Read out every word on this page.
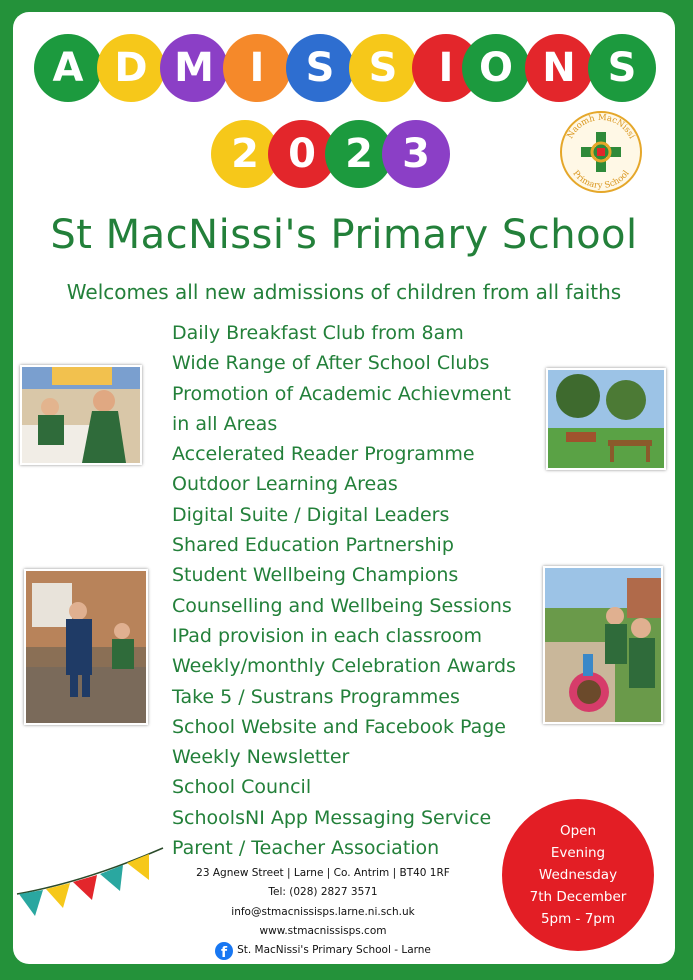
A D M I	S S	I O N S
2 0 2 3	Naomh MacNissi
Primary School
St MacNissi's Primary School
Welcomes all new admissions of children from all faiths
Daily Breakfast Club from 8am
Wide Range of After School Clubs
Promotion of Academic Achievment
in all Areas
Accelerated Reader Programme
Outdoor Learning Areas
Digital Suite / Digital Leaders
Shared Education Partnership
Student Wellbeing Champions
Counselling and Wellbeing Sessions
IPad provision in each classroom
Weekly/monthly Celebration Awards
Take 5 / Sustrans Programmes
School Website and Facebook Page
Weekly Newsletter
School Council
SchoolsNI App Messaging Service
Parent / Teacher Association
23 Agnew Street | Larne | Co. Antrim | BT40 1RF
Tel: (028) 2827 3571
info@stmacnissisps.larne.ni.sch.uk
www.stmacnissisps.com
f St. MacNissi's Primary School - Larne
Open
Evening
Wednesday
7th December
5pm - 7pm
